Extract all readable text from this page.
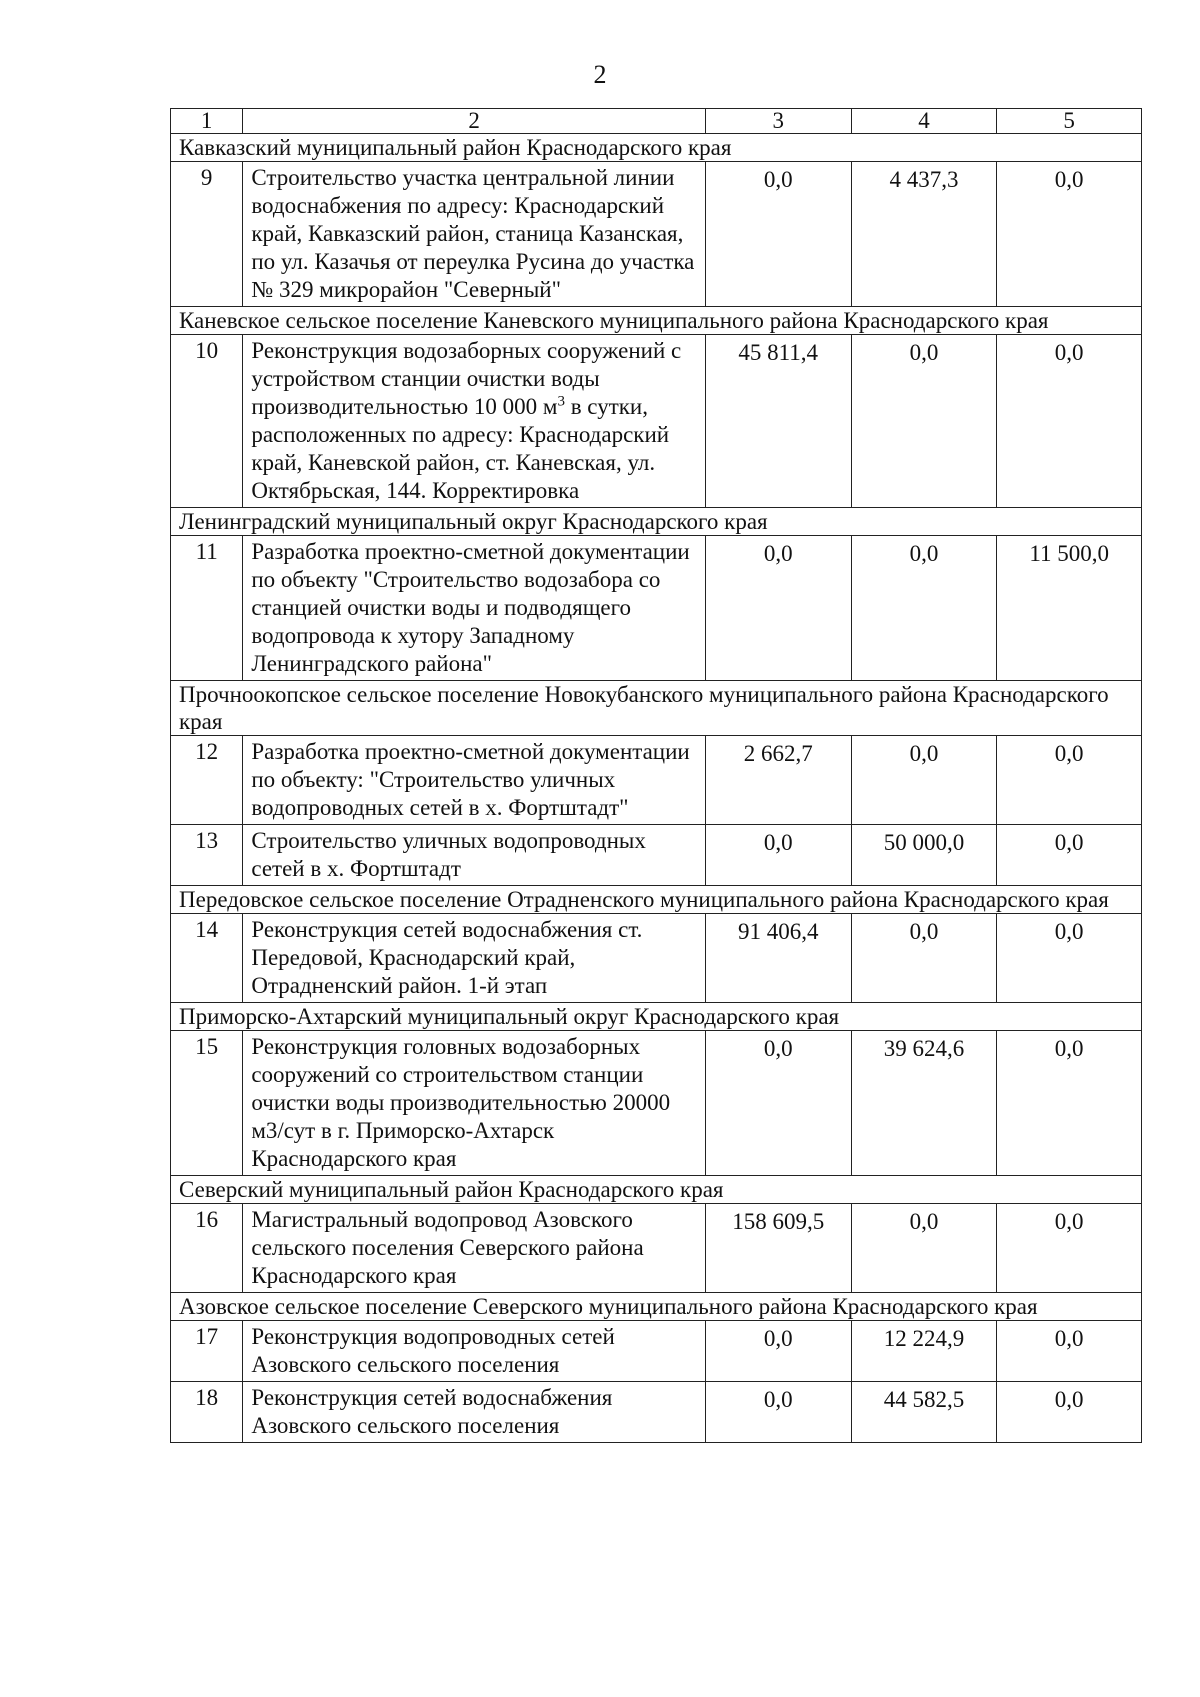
2
1	2	3	4	5
Кавказский муниципальный район Краснодарского края				
9	Строительство участка центральной линии водоснабжения по адресу: Краснодарский край, Кавказский район, станица Казанская, по ул. Казачья от переулка Русина до участка № 329 микрорайон "Северный"	0,0	4 437,3	0,0
Каневское сельское поселение Каневского муниципального района Краснодарского края				
10	Реконструкция водозаборных сооружений с устройством станции очистки воды производительностью 10 000 $м^3$ в сутки, расположенных по адресу: Краснодарский край, Каневской район, ст. Каневская, ул. Октябрьская, 144. Корректировка	45 811,4	0,0	0,0
Ленинградский муниципальный округ Краснодарского края				
11	Разработка проектно-сметной документации по объекту "Строительство водозабора со станцией очистки воды и подводящего водопровода к хутору Западному Ленинградского района"	0,0	0,0	11 500,0
Прочноокопское сельское поселение Новокубанского муниципального района Краснодарского края				
12	Разработка проектно-сметной документации по объекту: "Строительство уличных водопроводных сетей в х. Фортштадт"	2 662,7	0,0	0,0
13	Строительство уличных водопроводных сетей в х. Фортштадт	0,0	50 000,0	0,0
Передовское сельское поселение Отрадненского муниципального района Краснодарского края				
14	Реконструкция сетей водоснабжения ст. Передовой, Краснодарский край, Отрадненский район. 1-й этап	91 406,4	0,0	0,0
Приморско-Ахтарский муниципальный округ Краснодарского края				
15	Реконструкция головных водозаборных сооружений со строительством станции очистки воды производительностью 20000 м3/сут в г. Приморско-Ахтарск Краснодарского края	0,0	39 624,6	0,0
Северский муниципальный район Краснодарского края				
16	Магистральный водопровод Азовского сельского поселения Северского района Краснодарского края	158 609,5	0,0	0,0
Азовское сельское поселение Северского муниципального района Краснодарского края				
17	Реконструкция водопроводных сетей Азовского сельского поселения	0,0	12 224,9	0,0
18	Реконструкция сетей водоснабжения Азовского сельского поселения	0,0	44 582,5	0,0
